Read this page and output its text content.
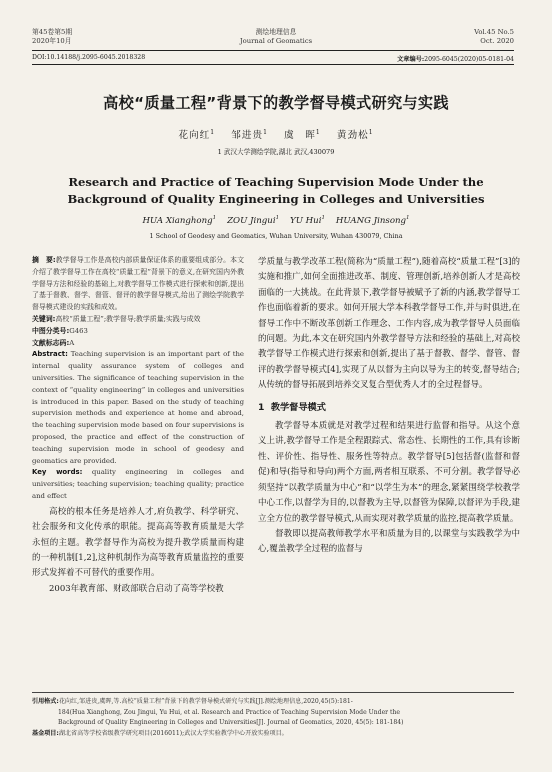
第45卷第5期
2020年10月
测绘地理信息
Journal of Geomatics
Vol.45 No.5
Oct. 2020
DOI:10.14188/j.2095-6045.2018328	文章编号:2095-6045(2020)05-0181-04
高校“质量工程”背景下的教学督导模式研究与实践
花向红$^1$ 邹进贵$^1$ 虞　晖$^1$ 黄劲松$^1$
1 武汉大学测绘学院,湖北 武汉,430079
Research and Practice of Teaching Supervision Mode Under the Background of Quality Engineering in Colleges and Universities
HUA Xianghong$^1$ ZOU Jingui$^1$ YU Hui$^1$ HUANG Jinsong$^1$
1 School of Geodesy and Geomatics, Wuhan University, Wuhan 430079, China

摘　要:教学督导工作是高校内部质量保证体系的重要组成部分。本文介绍了教学督导工作在高校“质量工程”背景下的意义,在研究国内外教学督导方法和经验的基础上,对教学督导工作模式进行探索和创新,提出了基于督教、督学、督管、督评的教学督导模式,给出了测绘学院教学督导模式建设的实践和成效。

关键词:高校“质量工程”;教学督导;教学质量;实践与成效

中图分类号:G463

文献标志码:A

Abstract: Teaching supervision is an important part of the internal quality assurance system of colleges and universities. The significance of teaching supervision in the context of “quality engineering” in colleges and universities is introduced in this paper. Based on the study of teaching supervision methods and experience at home and abroad, the teaching supervision mode based on four supervisions is proposed, the practice and effect of the construction of teaching supervision mode in school of geodesy and geomatics are provided.

Key words: quality engineering in colleges and universities; teaching supervision; teaching quality; practice and effect

高校的根本任务是培养人才,府负教学、科学研究、社会服务和文化传承的职能。提高高等教育质量是大学永恒的主题。教学督导作为高校为提升教学质量而构建的一种机制[1,2],这种机制作为高等教育质量监控的重要形式发挥着不可替代的重要作用。

2003年教育部、财政部联合启动了高等学校教

学质量与教学改革工程(简称为“质量工程”),随着高校“质量工程”[3]的实施和推广,如何全面推进改革、制度、管理创新,培养创新人才是高校面临的一大挑战。在此背景下,教学督导被赋予了新的内涵,教学督导工作也面临着新的要求。如何开展大学本科教学督导工作,并与时俱进,在督导工作中不断改革创新工作理念、工作内容,成为教学督导人员面临的问题。为此,本文在研究国内外教学督导方法和经验的基础上,对高校教学督导工作模式进行探索和创新,提出了基于督教、督学、督管、督评的教学督导模式[4],实现了从以督为主向以导为主的转变,督导结合;从传统的督导拓展到培养交叉复合型优秀人才的全过程督导。

1 教学督导模式

教学督导本质就是对教学过程和结果进行监督和指导。从这个意义上讲,教学督导工作是全程跟踪式、常态性、长期性的工作,具有诊断性、评价性、指导性、服务性等特点。教学督导[5]包括督(监督和督促)和导(指导和导向)两个方面,两者相互联系、不可分割。教学督导必须坚持“以教学质量为中心”和“以学生为本”的理念,紧紧围绕学校教学中心工作,以督学为目的,以督教为主导,以督管为保障,以督评为手段,建立全方位的教学督导模式,从而实现对教学质量的监控,提高教学质量。

督教即以提高教师教学水平和质量为目的,以课堂与实践教学为中心,覆盖教学全过程的监督与

引用格式:花向红,邹进贵,虞晖,等.高校“质量工程”背景下的教学督导模式研究与实践[J].测绘地理信息,2020,45(5):181-
184(Hua Xianghong, Zou Jingui, Yu Hui, et al. Research and Practice of Teaching Supervision Mode Under the
Background of Quality Engineering in Colleges and Universities[J]. Journal of Geomatics, 2020, 45(5): 181-184)
基金项目:湖北省高等学校省级教学研究项目(2016011);武汉大学实验教学中心开放实验项目。
